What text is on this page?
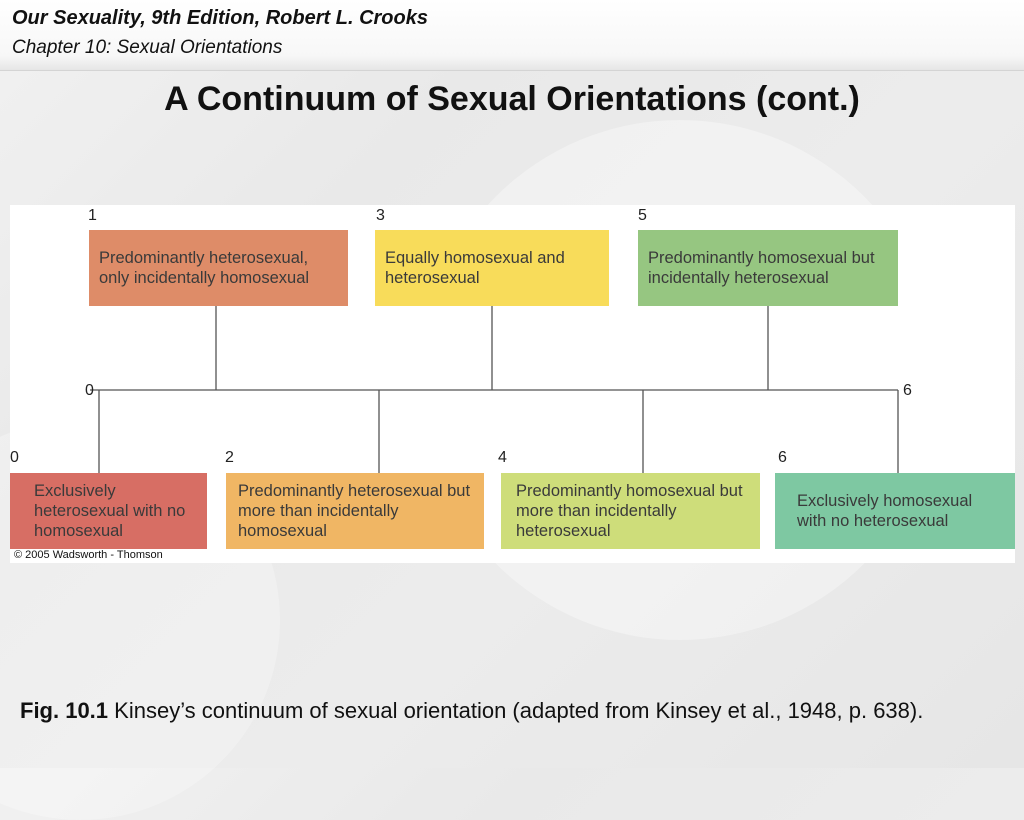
Our Sexuality, 9th Edition, Robert L. Crooks
Chapter 10: Sexual Orientations
A Continuum of Sexual Orientations (cont.)
0	6
1
Predominantly heterosexual, only incidentally homosexual
3
Equally homosexual and heterosexual
5
Predominantly homosexual but incidentally heterosexual
0
Exclusively heterosexual with no homosexual
2
Predominantly heterosexual but more than incidentally homosexual
4
Predominantly homosexual but more than incidentally heterosexual
6
Exclusively homosexual with no heterosexual
© 2005 Wadsworth - Thomson
Fig. 10.1 Kinsey’s continuum of sexual orientation (adapted from Kinsey et al., 1948, p. 638).
